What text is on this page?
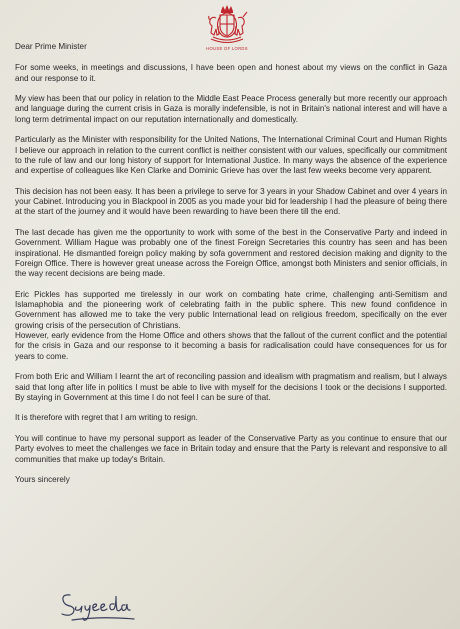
HOUSE OF LORDS

Dear Prime Minister

For some weeks, in meetings and discussions, I have been open and honest about my views on the conflict in Gaza and our response to it.

My view has been that our policy in relation to the Middle East Peace Process generally but more recently our approach and language during the current crisis in Gaza is morally indefensible, is not in Britain's national interest and will have a long term detrimental impact on our reputation internationally and domestically.

Particularly as the Minister with responsibility for the United Nations, The International Criminal Court and Human Rights I believe our approach in relation to the current conflict is neither consistent with our values, specifically our commitment to the rule of law and our long history of support for International Justice. In many ways the absence of the experience and expertise of colleagues like Ken Clarke and Dominic Grieve has over the last few weeks become very apparent.

This decision has not been easy. It has been a privilege to serve for 3 years in your Shadow Cabinet and over 4 years in your Cabinet. Introducing you in Blackpool in 2005 as you made your bid for leadership I had the pleasure of being there at the start of the journey and it would have been rewarding to have been there till the end.

The last decade has given me the opportunity to work with some of the best in the Conservative Party and indeed in Government. William Hague was probably one of the finest Foreign Secretaries this country has seen and has been inspirational. He dismantled foreign policy making by sofa government and restored decision making and dignity to the Foreign Office. There is however great unease across the Foreign Office, amongst both Ministers and senior officials, in the way recent decisions are being made.

Eric Pickles has supported me tirelessly in our work on combating hate crime, challenging anti-Semitism and Islamaphobia and the pioneering work of celebrating faith in the public sphere. This new found confidence in Government has allowed me to take the very public International lead on religious freedom, specifically on the ever growing crisis of the persecution of Christians.

However, early evidence from the Home Office and others shows that the fallout of the current conflict and the potential for the crisis in Gaza and our response to it becoming a basis for radicalisation could have consequences for us for years to come.

From both Eric and William I learnt the art of reconciling passion and idealism with pragmatism and realism, but I always said that long after life in politics I must be able to live with myself for the decisions I took or the decisions I supported. By staying in Government at this time I do not feel I can be sure of that.

It is therefore with regret that I am writing to resign.

You will continue to have my personal support as leader of the Conservative Party as you continue to ensure that our Party evolves to meet the challenges we face in Britain today and ensure that the Party is relevant and responsive to all communities that make up today's Britain.

Yours sincerely
